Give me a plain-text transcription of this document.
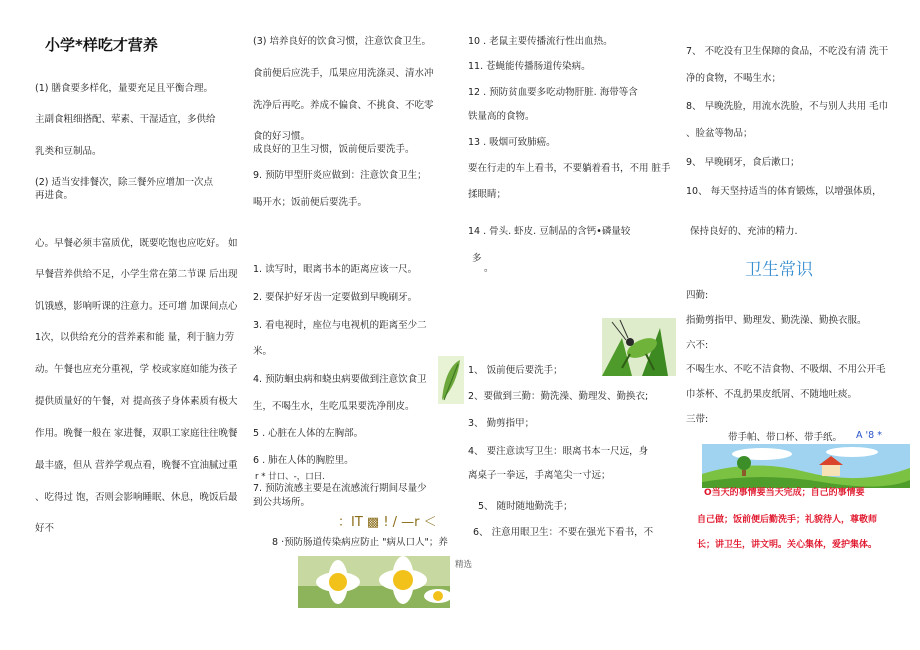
小学*样吃才营养
(1) 膳食要多样化，量要充足且平衡合理。
主副食粗细搭配、荤素、干湿适宜，多供给
乳类和豆制品。
(2) 适当安排餐次，除三餐外应增加一次点
再进食。
心。早餐必须丰富质优，既要吃饱也应吃好。 如
早餐营养供给不足，小学生常在第二节课 后出现
饥饿感，影响听课的注意力。还可增 加课间点心
1次，以供给充分的营养素和能 量，利于脑力劳
动。午餐也应充分重视，学 校或家庭如能为孩子
提供质量好的午餐，对 提高孩子身体素质有极大
作用。晚餐一般在 家进餐，双职工家庭往往晚餐
最丰盛，但从 营养学观点看，晚餐不宜油腻过重
、吃得过 饱，否则会影响睡眠、休息，晚饭后最
好不
(3) 培养良好的饮食习惯，注意饮食卫生。
食前便后应洗手，瓜果应用洗涤灵、清水冲
洗净后再吃。养成不偏食、不挑食、不吃零
食的好习惯。
成良好的卫生习惯，饭前便后要洗手。
9. 预防甲型肝炎应做到：注意饮食卫生；
喝开水；饭前便后要洗手。
1. 读写时，眼离书本的距离应该一尺。
2. 要保护好牙齿一定要做到早晚刷牙。
3. 看电视时，座位与电视机的距离至少二
米。
4. 预防蛔虫病和蛲虫病要做到注意饮食卫
生，不喝生水，生吃瓜果要洗净削皮。
5 . 心脏在人体的左胸部。
6 . 肺在人体的胸腔里。
r * 廿口、-，口曰.
7. 预防流感主要是在流感流行期间尽量少
到公共场所。
：IT ▩ ! / —r ＜
8 ·预防肠道传染病应防止 "病从口人"；养
精选
10 . 老鼠主要传播流行性出血热。
11. 苍蝇能传播肠道传染病。
12 . 预防贫血要多吃动物肝脏. 海带等含
铁量高的食物。
13 . 吸烟可致肺癌。
要在行走的车上看书，不要躺着看书，不用 脏手
揉眼睛；
14 . 骨头. 虾皮. 豆制品的含钙•磷量较
多
。
1、 饭前便后要洗手；
2、要做到三勤：勤洗澡、勤理发、勤换衣;
3、 勤剪指甲；
4、 要注意读写卫生：眼离书本一尺远，身
离桌子一拳远，手离笔尖一寸远；
5、 随时随地勤洗手；
6、 注意用眼卫生：不要在强光下看书，不
7、 不吃没有卫生保障的食品，不吃没有清 洗干
净的食物，不喝生水；
8、 早晚洗脸，用流水洗脸，不与别人共用 毛巾
、脸盆等物品；
9、 早晚刷牙，食后漱口；
10、 每天坚持适当的体育锻炼，以增强体质，
保持良好的、充沛的精力.
卫生常识
四勤:
指勤剪指甲、勤理发、勤洗澡、勤换衣服。
六不:
不喝生水、不吃不洁食物、不吸烟、不用公开毛
巾茶杯、不乱扔果皮纸屑、不随地吐痰。
三带:
带手帕、带口杯、带手纸。 A '8 *
O当天的事情要当天完成；自己的事情要
自己做；饭前便后勤洗手；礼貌待人，尊敬师
长；讲卫生，讲文明。关心集体，爱护集体。
